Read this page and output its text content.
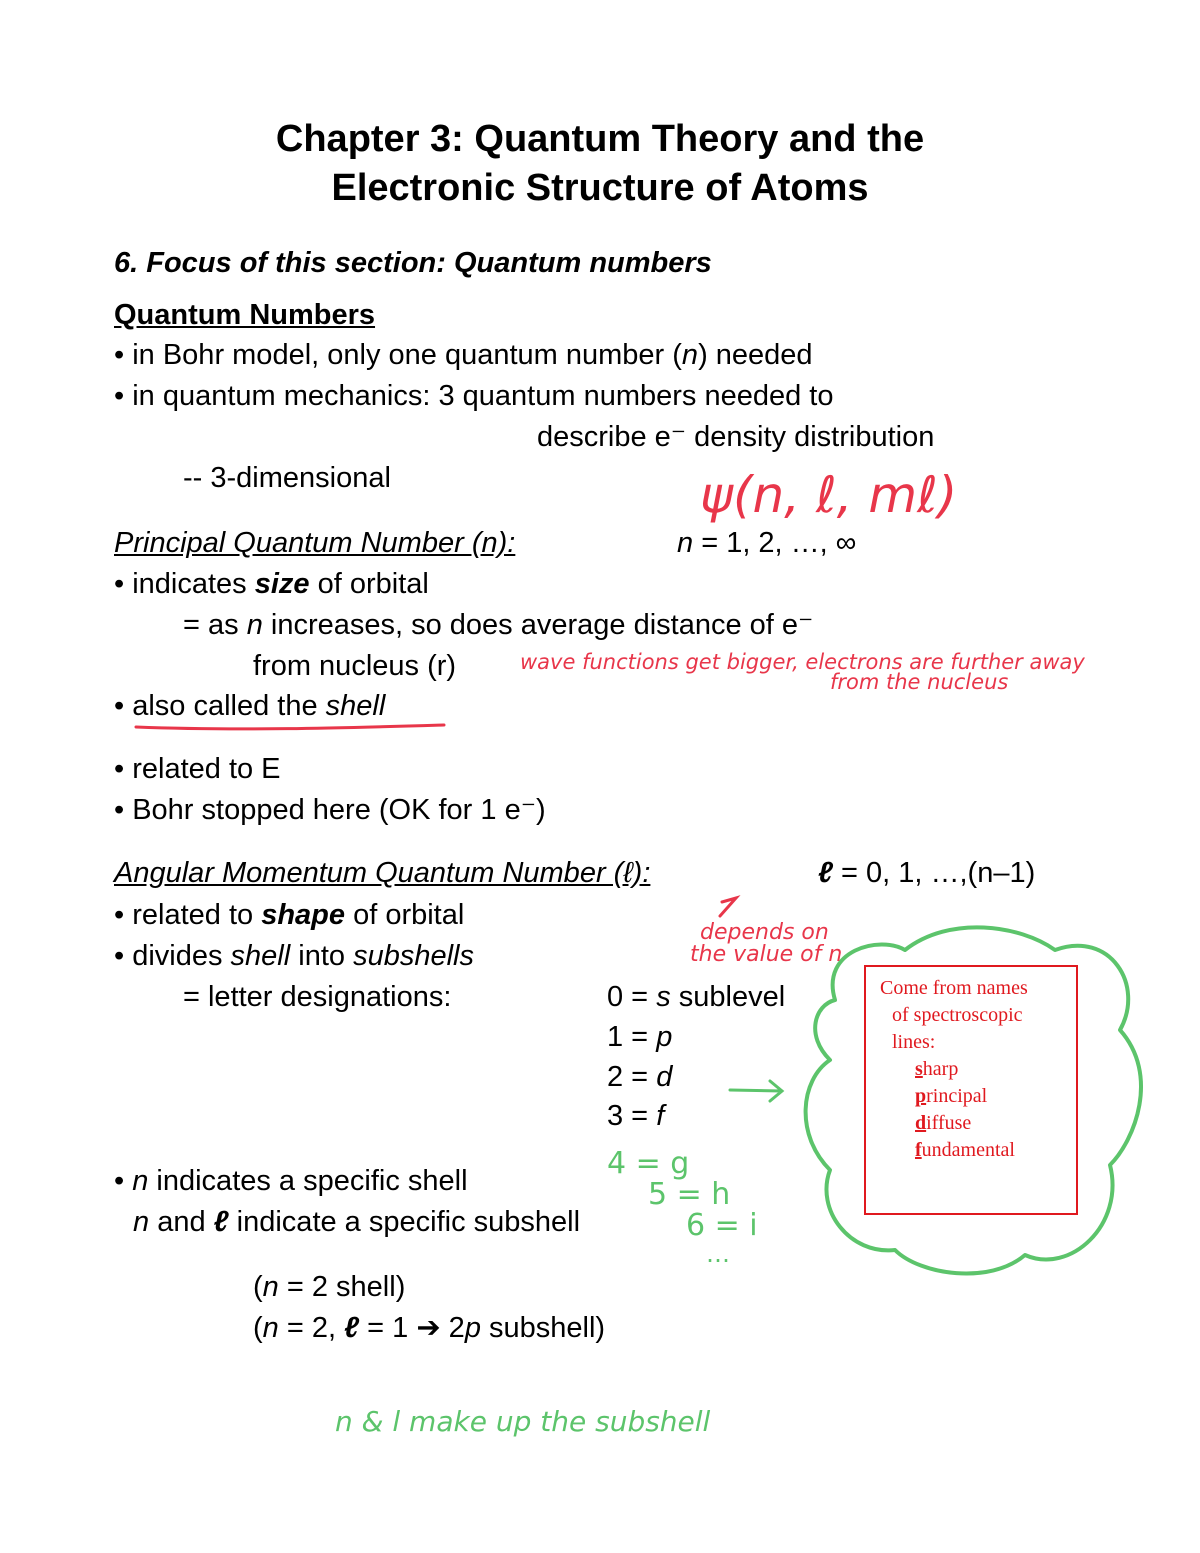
Chapter 3: Quantum Theory and the
Electronic Structure of Atoms
6. Focus of this section: Quantum numbers
Quantum Numbers
• in Bohr model, only one quantum number (n) needed
• in quantum mechanics: 3 quantum numbers needed to
describe e⁻ density distribution
-- 3-dimensional
Principal Quantum Number (n):	n = 1, 2, …, ∞
• indicates size of orbital
= as n increases, so does average distance of e⁻
from nucleus (r)
• also called the shell
• related to E
• Bohr stopped here (OK for 1 e⁻)
Angular Momentum Quantum Number (ℓ):	ℓ = 0, 1, …,(n–1)
• related to shape of orbital
• divides shell into subshells
= letter designations:	0 = s sublevel
1 = p
2 = d
3 = f
• n indicates a specific shell
n and ℓ indicate a specific subshell
(n = 2 shell)
(n = 2, ℓ = 1 ➔ 2p subshell)
ψ(n, ℓ, mℓ)
wave functions get bigger, electrons are further away
from the nucleus
depends on
the value of n
4 = g
5 = h
6 = i
…
n & l make up the subshell
Come from names
of spectroscopic
lines:
sharp
principal
diffuse
fundamental
